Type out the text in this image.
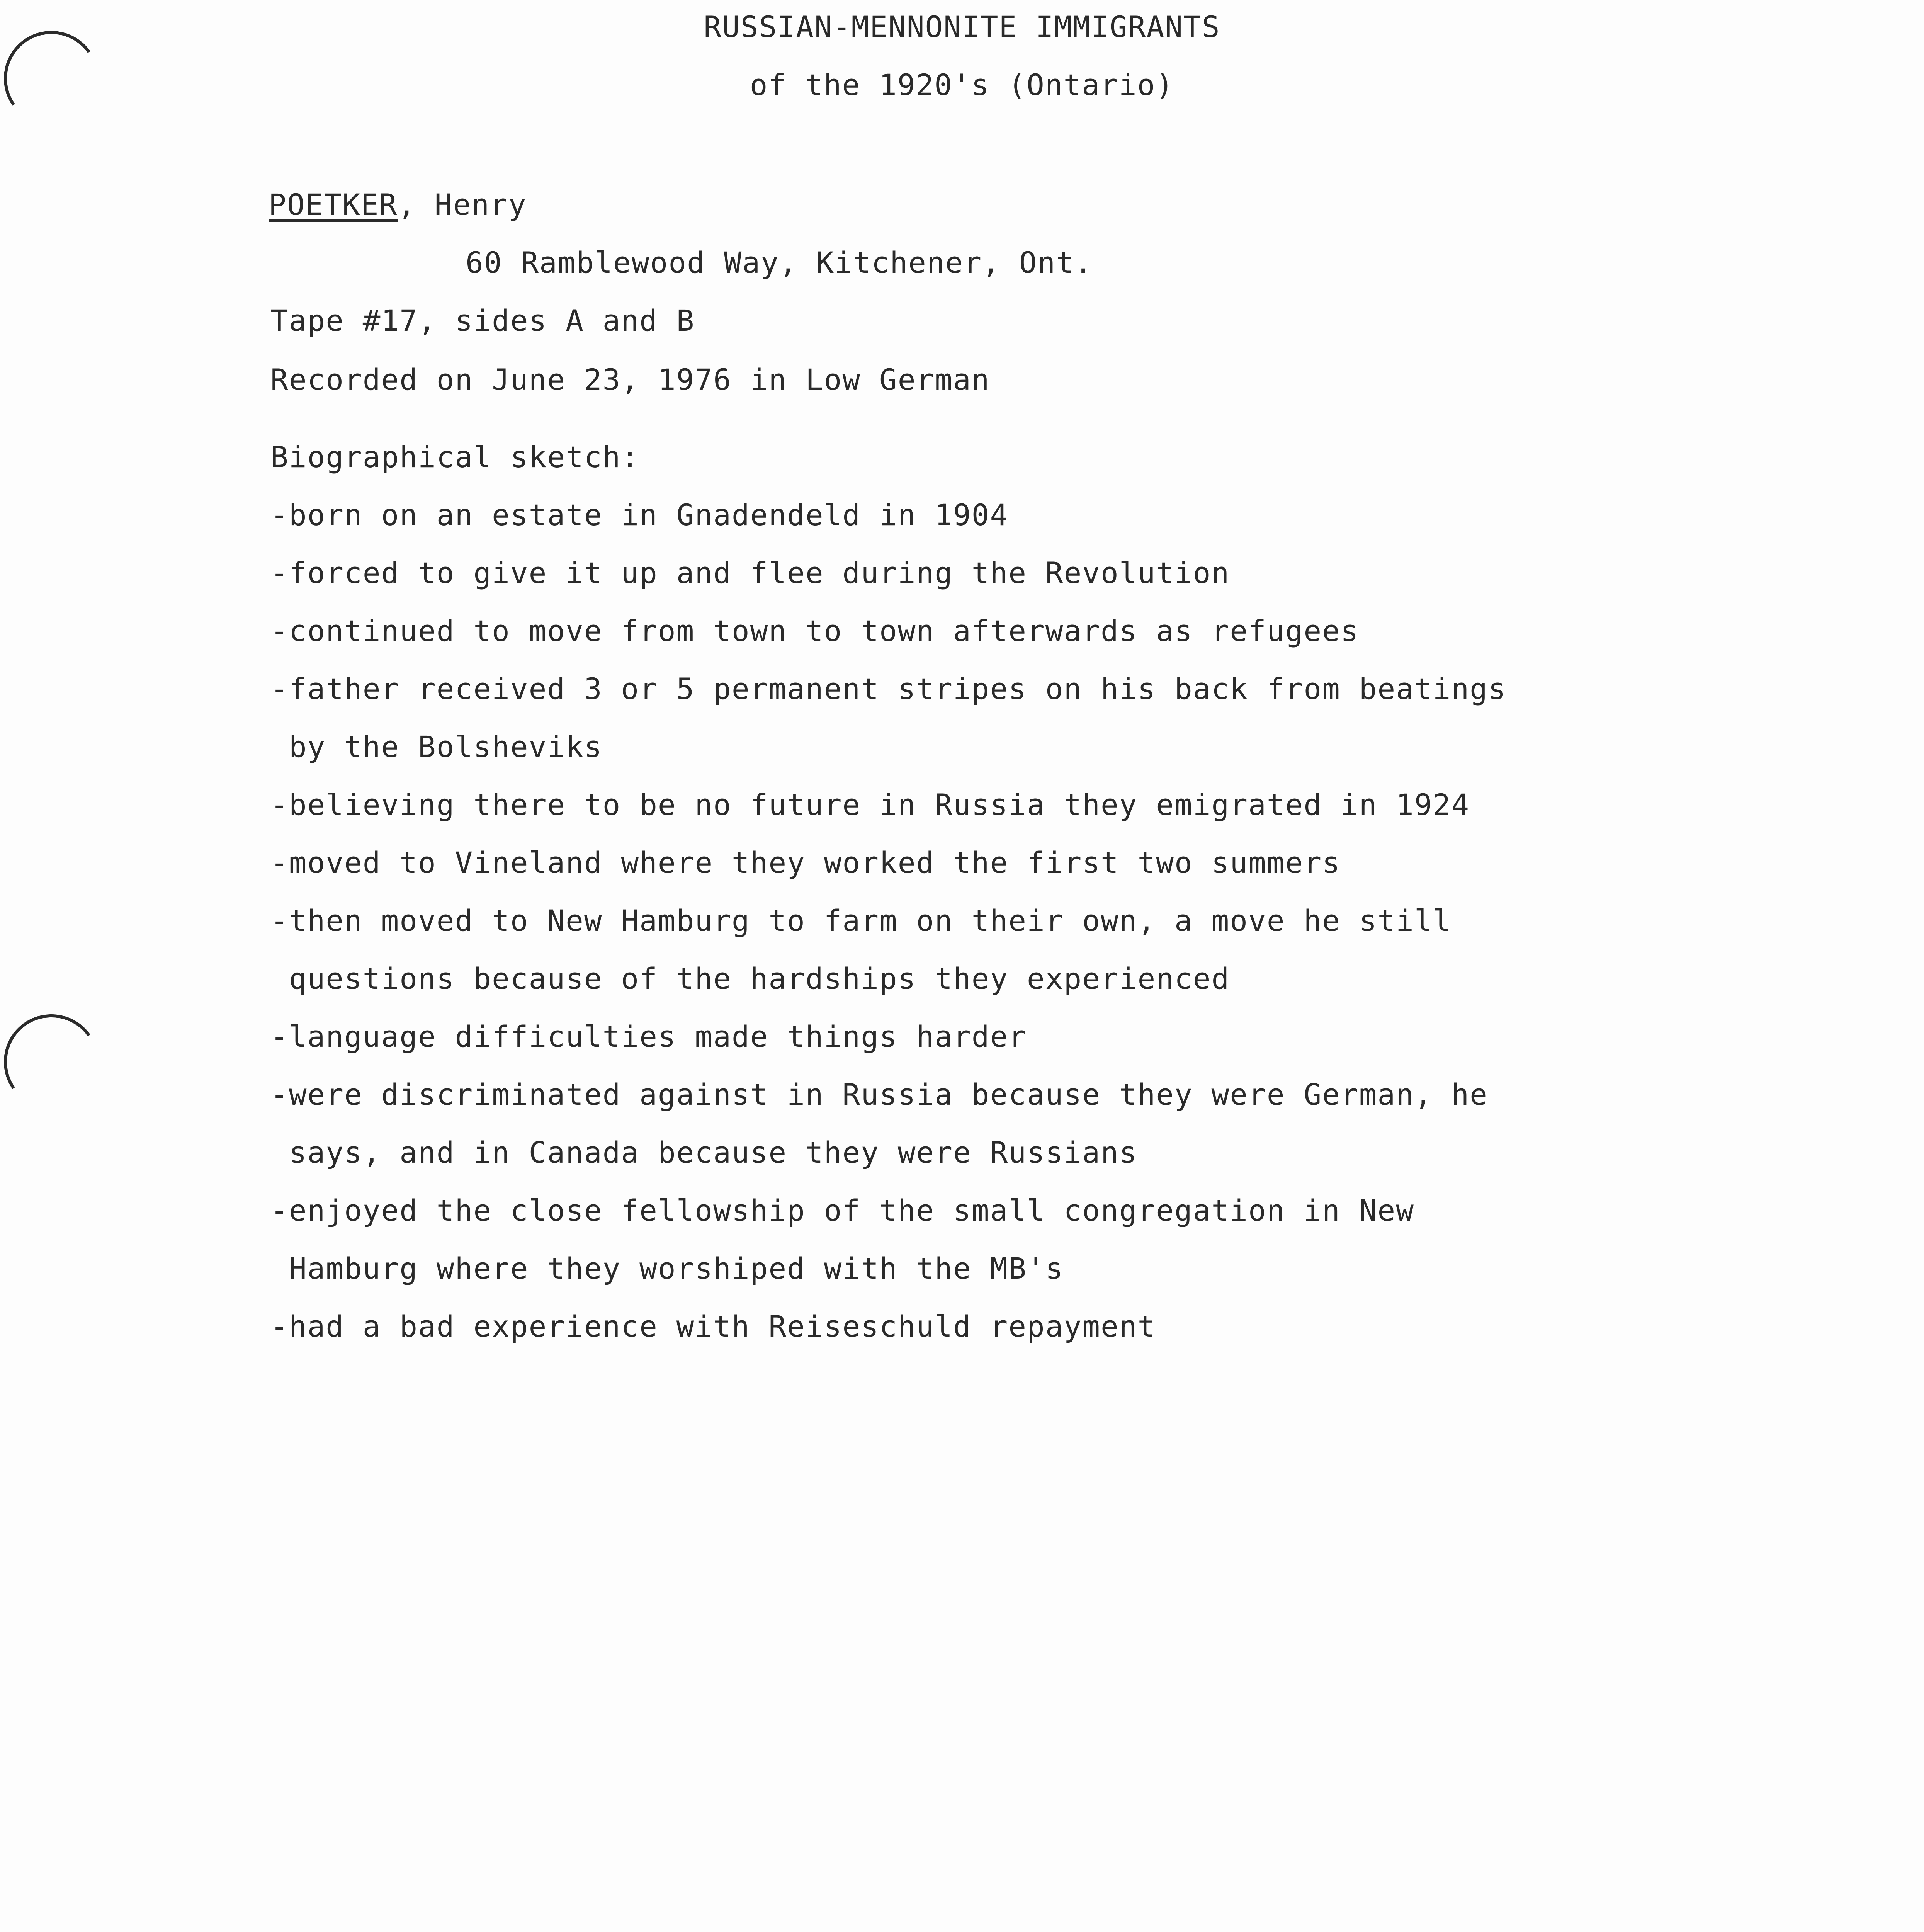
RUSSIAN-MENNONITE IMMIGRANTS
of the 1920's (Ontario)
POETKER, Henry
60 Ramblewood Way, Kitchener, Ont.
Tape #17, sides A and B
Recorded on June 23, 1976 in Low German
Biographical sketch:
-born on an estate in Gnadendeld in 1904
-forced to give it up and flee during the Revolution
-continued to move from town to town afterwards as refugees
-father received 3 or 5 permanent stripes on his back from beatings
by the Bolsheviks
-believing there to be no future in Russia they emigrated in 1924
-moved to Vineland where they worked the first two summers
-then moved to New Hamburg to farm on their own, a move he still
questions because of the hardships they experienced
-language difficulties made things harder
-were discriminated against in Russia because they were German, he
says, and in Canada because they were Russians
-enjoyed the close fellowship of the small congregation in New
Hamburg where they worshiped with the MB's
-had a bad experience with Reiseschuld repayment
